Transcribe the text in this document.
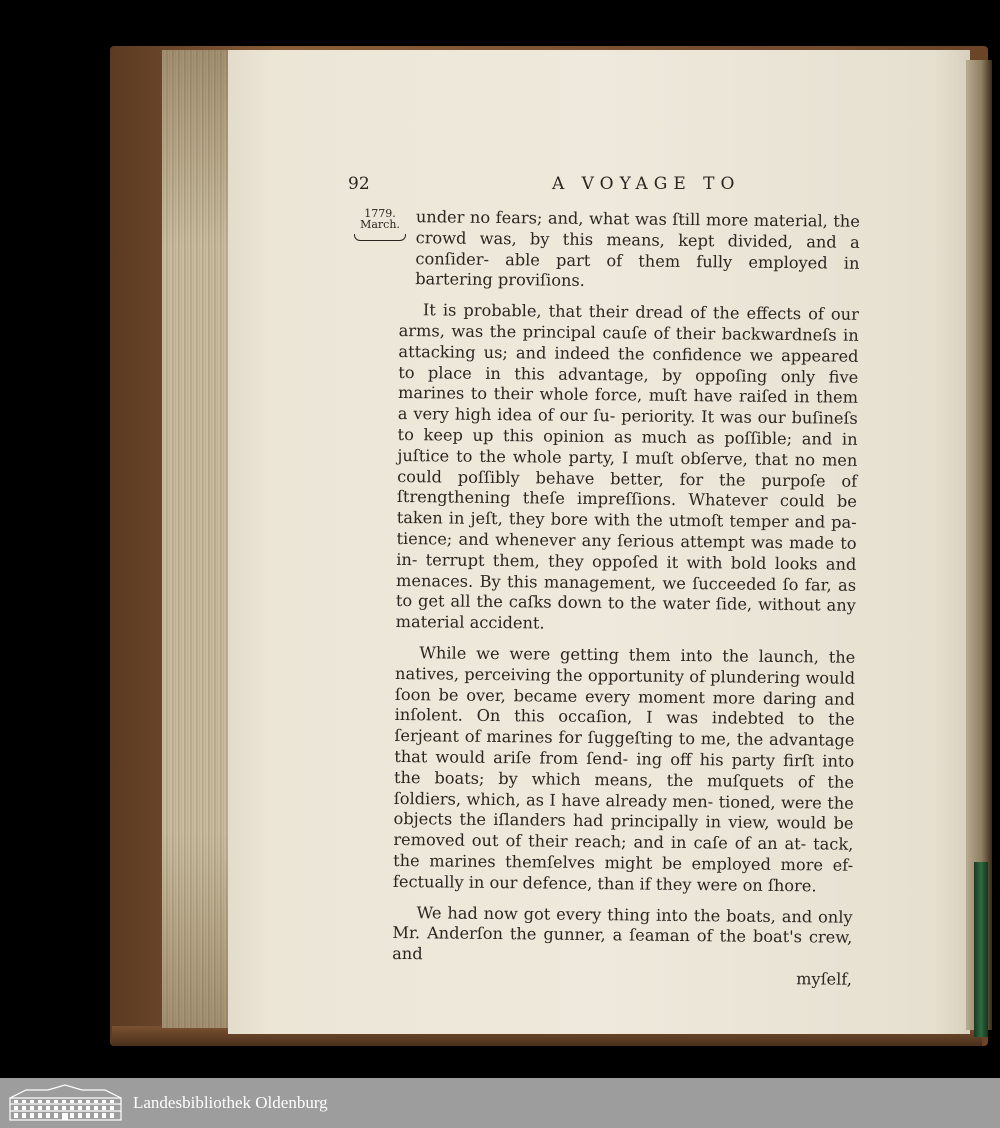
92	A VOYAGE TO
1779.
March. under no fears; and, what was ſtill more material, the crowd was, by this means, kept divided, and a conſider- able part of them fully employed in bartering proviſions.

It is probable, that their dread of the effects of our arms, was the principal cauſe of their backwardneſs in attacking us; and indeed the confidence we appeared to place in this advantage, by oppoſing only five marines to their whole force, muſt have raiſed in them a very high idea of our ſu- periority. It was our buſineſs to keep up this opinion as much as poſſible; and in juſtice to the whole party, I muſt obſerve, that no men could poſſibly behave better, for the purpoſe of ſtrengthening theſe impreſſions. Whatever could be taken in jeſt, they bore with the utmoſt temper and pa- tience; and whenever any ſerious attempt was made to in- terrupt them, they oppoſed it with bold looks and menaces. By this management, we ſucceeded ſo far, as to get all the caſks down to the water ſide, without any material accident.

While we were getting them into the launch, the natives, perceiving the opportunity of plundering would ſoon be over, became every moment more daring and inſolent. On this occaſion, I was indebted to the ſerjeant of marines for ſuggeſting to me, the advantage that would ariſe from ſend- ing off his party firſt into the boats; by which means, the muſquets of the ſoldiers, which, as I have already men- tioned, were the objects the iſlanders had principally in view, would be removed out of their reach; and in caſe of an at- tack, the marines themſelves might be employed more ef- fectually in our defence, than if they were on ſhore.

We had now got every thing into the boats, and only Mr. Anderſon the gunner, a ſeaman of the boat's crew, and

myſelf,

Landesbibliothek Oldenburg
